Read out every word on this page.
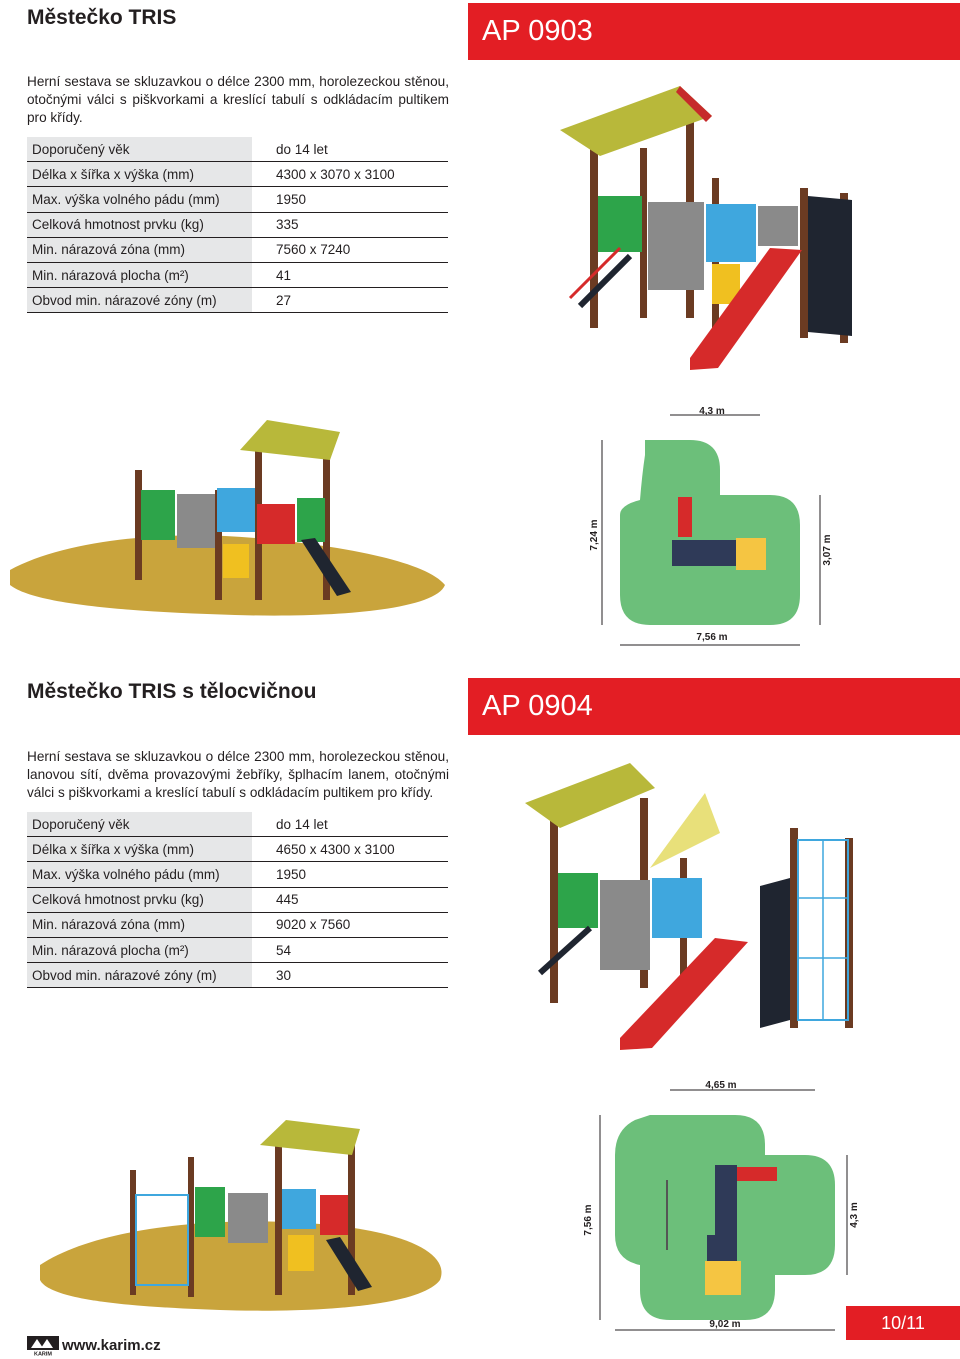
Městečko TRIS	AP 0903

Herní sestava se skluzavkou o délce 2300 mm, horolezeckou stěnou, otočnými válci s piškvorkami a kreslící tabulí s odkládacím pultikem pro křídy.

Doporučený věk	do 14 let
Délka x šířka x výška (mm)	4300 x 3070 x 3100
Max. výška volného pádu (mm)	1950
Celková hmotnost prvku (kg)	335
Min. nárazová zóna (mm)	7560 x 7240
Min. nárazová plocha (m²)	41
Obvod min. nárazové zóny (m)	27
4,3 m
7,24 m	3,07 m
7,56 m
Městečko TRIS s tělocvičnou	AP 0904

Herní sestava se skluzavkou o délce 2300 mm, horolezeckou stěnou, lanovou sítí, dvěma provazovými žebříky, šplhacím lanem, otočnými válci s piškvorkami a kreslící tabulí s odkládacím pultikem pro křídy.

Doporučený věk	do 14 let
Délka x šířka x výška (mm)	4650 x 4300 x 3100
Max. výška volného pádu (mm)	1950
Celková hmotnost prvku (kg)	445
Min. nárazová zóna (mm)	9020 x 7560
Min. nárazová plocha (m²)	54
Obvod min. nárazové zóny (m)	30
4,65 m
7,56 m	4,3 m
9,02 m
KARIM
www.karim.cz
10/11
